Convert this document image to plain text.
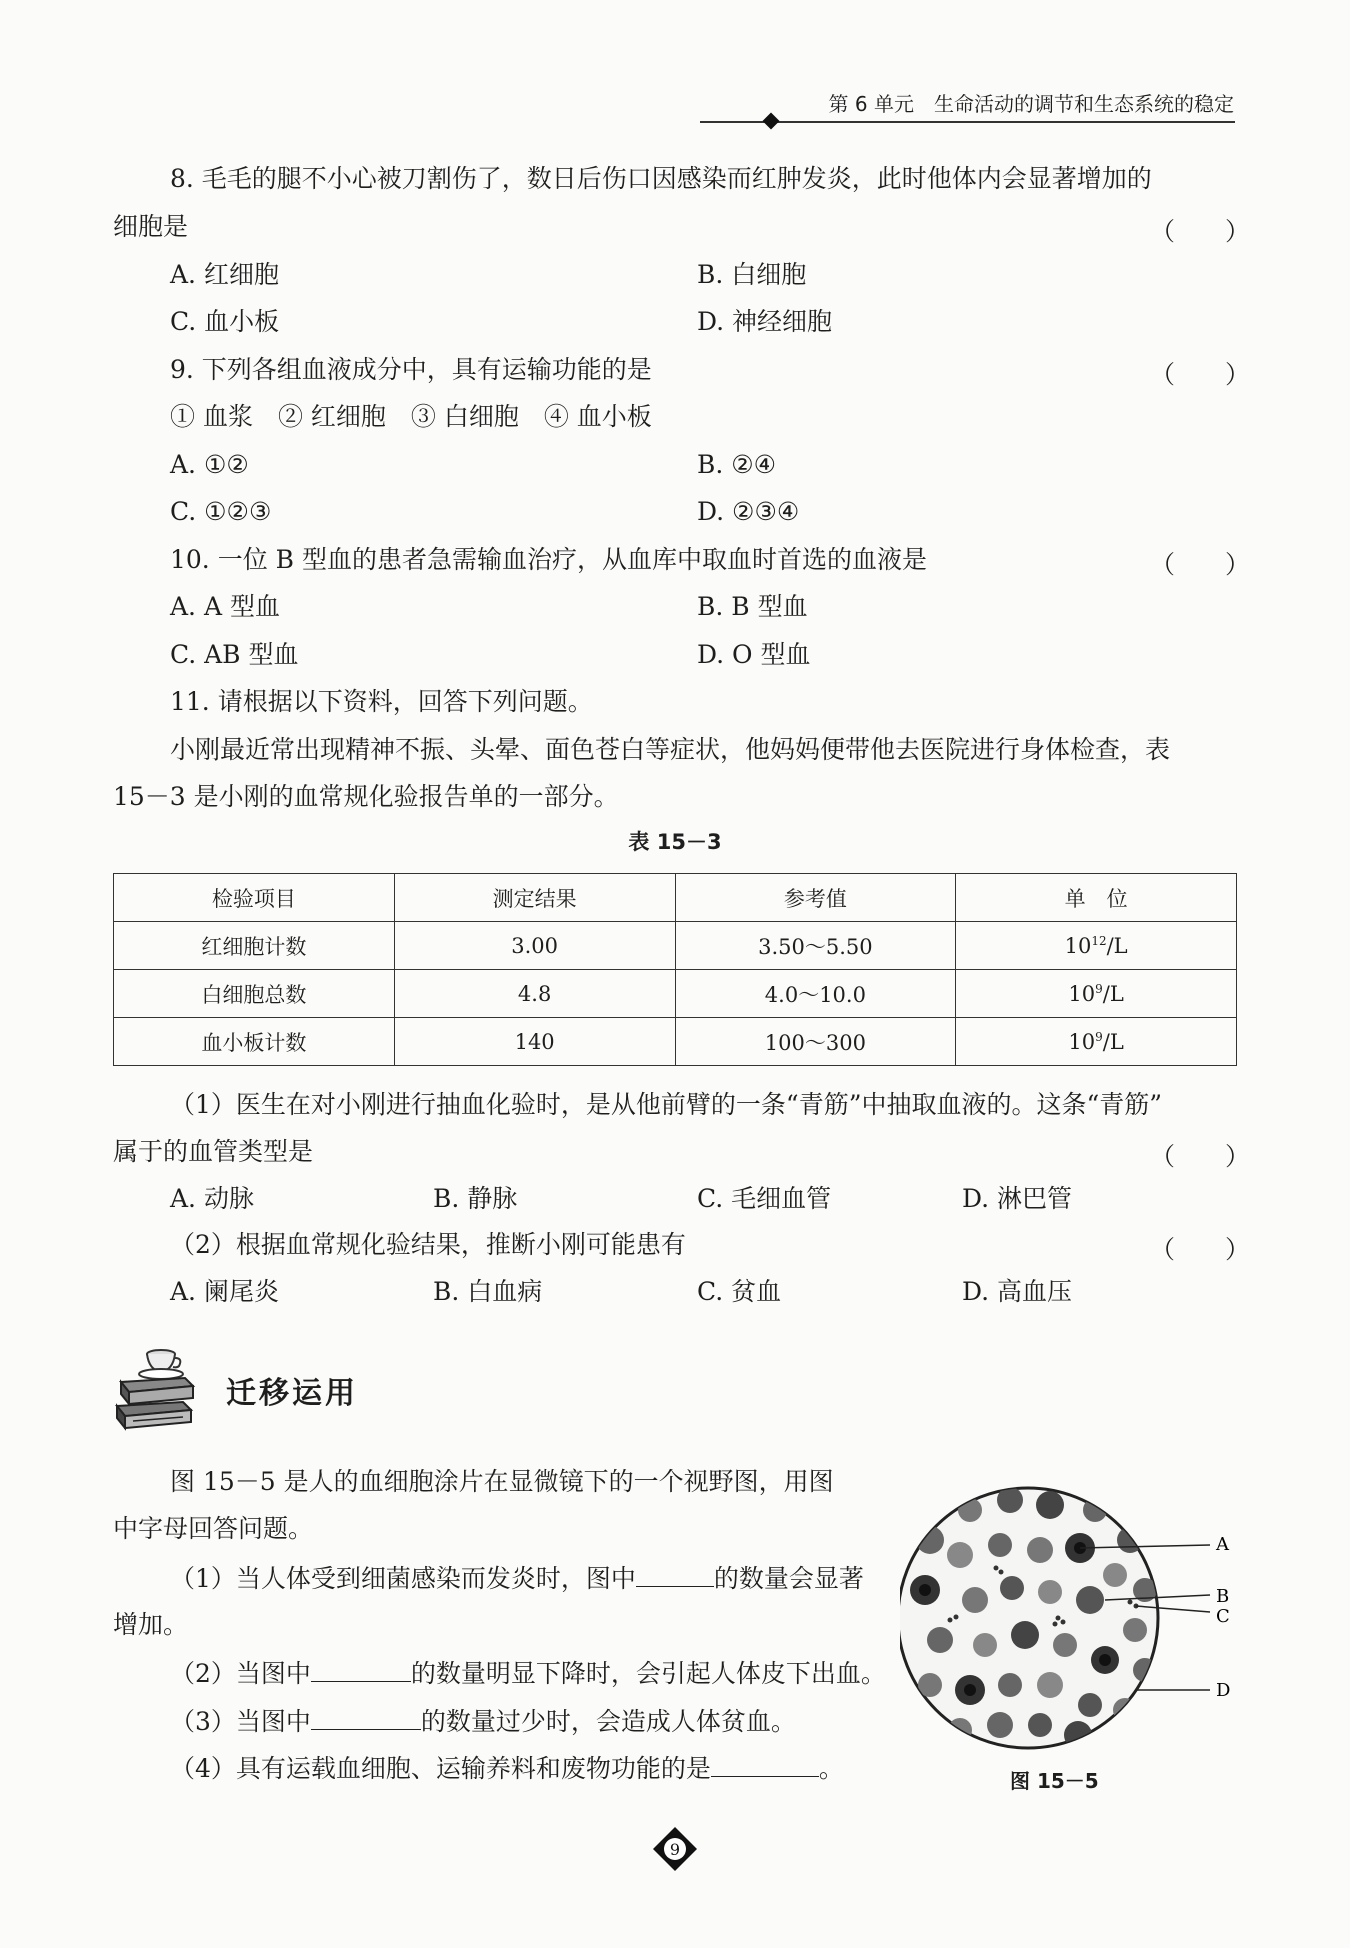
第 6 单元　生命活动的调节和生态系统的稳定
8. 毛毛的腿不小心被刀割伤了，数日后伤口因感染而红肿发炎，此时他体内会显著增加的
细胞是	（　　）
A. 红细胞	B. 白细胞
C. 血小板	D. 神经细胞
9. 下列各组血液成分中，具有运输功能的是	（　　）
① 血浆　② 红细胞　③ 白细胞　④ 血小板
A. ①②	B. ②④
C. ①②③	D. ②③④
10. 一位 B 型血的患者急需输血治疗，从血库中取血时首选的血液是	（　　）
A. A 型血	B. B 型血
C. AB 型血	D. O 型血
11. 请根据以下资料，回答下列问题。
小刚最近常出现精神不振、头晕、面色苍白等症状，他妈妈便带他去医院进行身体检查，表
15－3 是小刚的血常规化验报告单的一部分。
表 15－3
检验项目	测定结果	参考值	单　位
红细胞计数	3.00	3.50～5.50	$10^{12}/L$
白细胞总数	4.8	4.0～10.0	$10^9/L$
血小板计数	140	100～300	$10^9/L$
（1）医生在对小刚进行抽血化验时，是从他前臂的一条“青筋”中抽取血液的。这条“青筋”
属于的血管类型是	（　　）
A. 动脉	B. 静脉	C. 毛细血管	D. 淋巴管
（2）根据血常规化验结果，推断小刚可能患有	（　　）
A. 阑尾炎	B. 白血病	C. 贫血	D. 高血压
迁移运用
图 15－5 是人的血细胞涂片在显微镜下的一个视野图，用图
中字母回答问题。
（1）当人体受到细菌感染而发炎时，图中	的数量会显著
增加。
（2）当图中	的数量明显下降时，会引起人体皮下出血。
（3）当图中	的数量过少时，会造成人体贫血。
（4）具有运载血细胞、运输养料和废物功能的是	。
A
B
C
D
图 15－5
9
